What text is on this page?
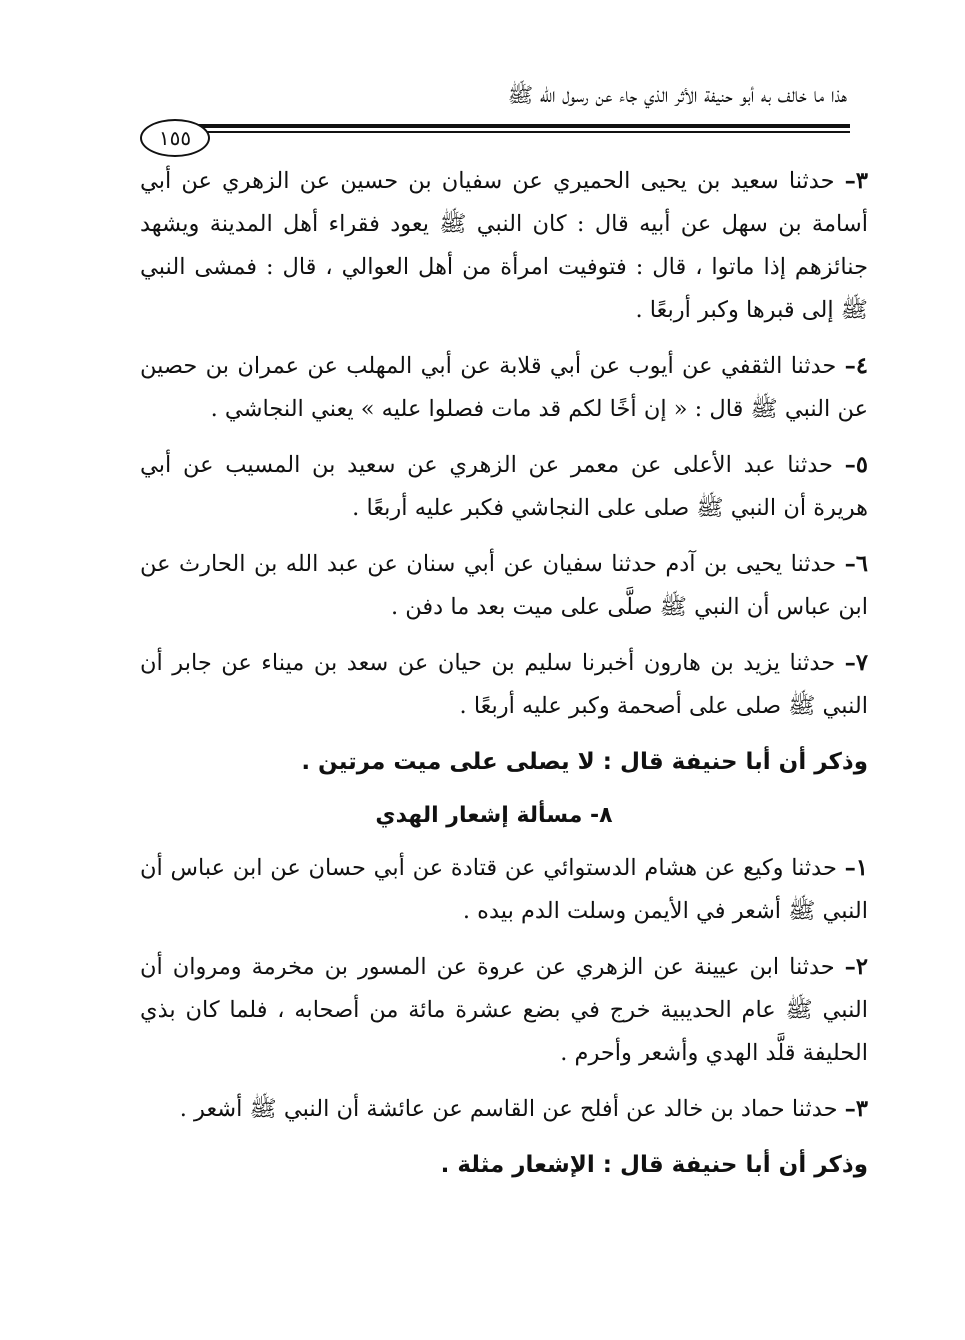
هذا ما خالف به أبو حنيفة الأثر الذي جاء عن رسول الله ﷺ
١٥٥

٣– حدثنا سعيد بن يحيى الحميري عن سفيان بن حسين عن الزهري عن أبي أسامة بن سهل عن أبيه قال : كان النبي ﷺ يعود فقراء أهل المدينة ويشهد جنائزهم إذا ماتوا ، قال : فتوفيت امرأة من أهل العوالي ، قال : فمشى النبي ﷺ إلى قبرها وكبر أربعًا .

٤– حدثنا الثقفي عن أيوب عن أبي قلابة عن أبي المهلب عن عمران بن حصين عن النبي ﷺ قال : « إن أخًا لكم قد مات فصلوا عليه » يعني النجاشي .

٥– حدثنا عبد الأعلى عن معمر عن الزهري عن سعيد بن المسيب عن أبي هريرة أن النبي ﷺ صلى على النجاشي فكبر عليه أربعًا .

٦– حدثنا يحيى بن آدم حدثنا سفيان عن أبي سنان عن عبد الله بن الحارث عن ابن عباس أن النبي ﷺ صلَّى على ميت بعد ما دفن .

٧– حدثنا يزيد بن هارون أخبرنا سليم بن حيان عن سعد بن ميناء عن جابر أن النبي ﷺ صلى على أصحمة وكبر عليه أربعًا .

وذكر أن أبا حنيفة قال : لا يصلى على ميت مرتين .

٨- مسألة إشعار الهدي

١– حدثنا وكيع عن هشام الدستوائي عن قتادة عن أبي حسان عن ابن عباس أن النبي ﷺ أشعر في الأيمن وسلت الدم بيده .

٢– حدثنا ابن عيينة عن الزهري عن عروة عن المسور بن مخرمة ومروان أن النبي ﷺ عام الحديبية خرج في بضع عشرة مائة من أصحابه ، فلما كان بذي الحليفة قلَّد الهدي وأشعر وأحرم .

٣– حدثنا حماد بن خالد عن أفلح عن القاسم عن عائشة أن النبي ﷺ أشعر .

وذكر أن أبا حنيفة قال : الإشعار مثلة .
